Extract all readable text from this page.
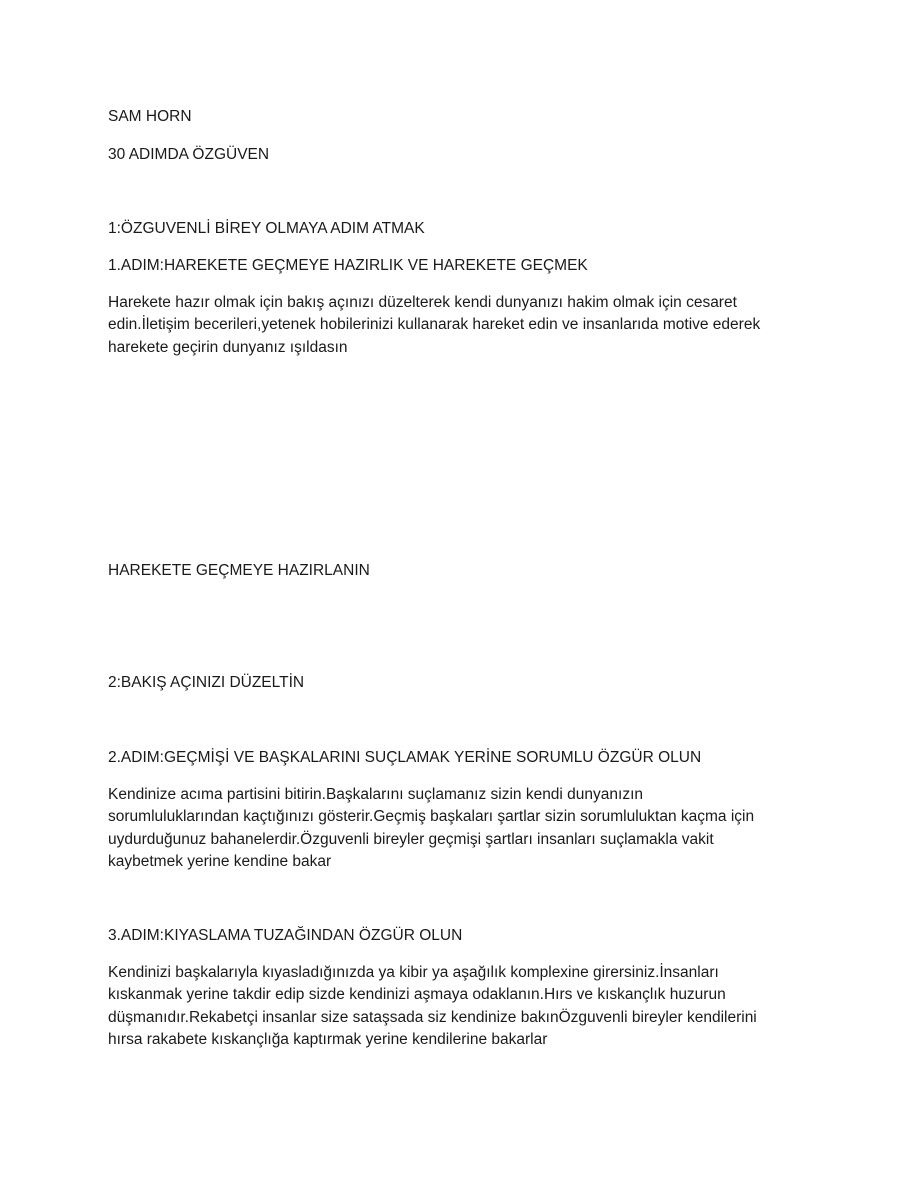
SAM HORN
30 ADIMDA ÖZGÜVEN
1:ÖZGUVENLİ BİREY OLMAYA ADIM ATMAK
1.ADIM:HAREKETE GEÇMEYE HAZIRLIK VE HAREKETE GEÇMEK
Harekete hazır olmak için bakış açınızı düzelterek kendi dunyanızı hakim olmak için cesaret
edin.İletişim becerileri,yetenek hobilerinizi kullanarak hareket edin ve insanlarıda motive ederek
harekete geçirin dunyanız ışıldasın
HAREKETE GEÇMEYE HAZIRLANIN
2:BAKIŞ AÇINIZI DÜZELTİN
2.ADIM:GEÇMİŞİ VE BAŞKALARINI SUÇLAMAK YERİNE SORUMLU ÖZGÜR OLUN
Kendinize acıma partisini bitirin.Başkalarını suçlamanız sizin kendi dunyanızın
sorumluluklarından kaçtığınızı gösterir.Geçmiş başkaları şartlar sizin sorumluluktan kaçma için
uydurduğunuz bahanelerdir.Özguvenli bireyler geçmişi şartları insanları suçlamakla vakit
kaybetmek yerine kendine bakar
3.ADIM:KIYASLAMA TUZAĞINDAN ÖZGÜR OLUN
Kendinizi başkalarıyla kıyasladığınızda ya kibir ya aşağılık komplexine girersiniz.İnsanları
kıskanmak yerine takdir edip sizde kendinizi aşmaya odaklanın.Hırs ve kıskançlık huzurun
düşmanıdır.Rekabetçi insanlar size sataşsada siz kendinize bakınÖzguvenli bireyler kendilerini
hırsa rakabete kıskançlığa kaptırmak yerine kendilerine bakarlar
